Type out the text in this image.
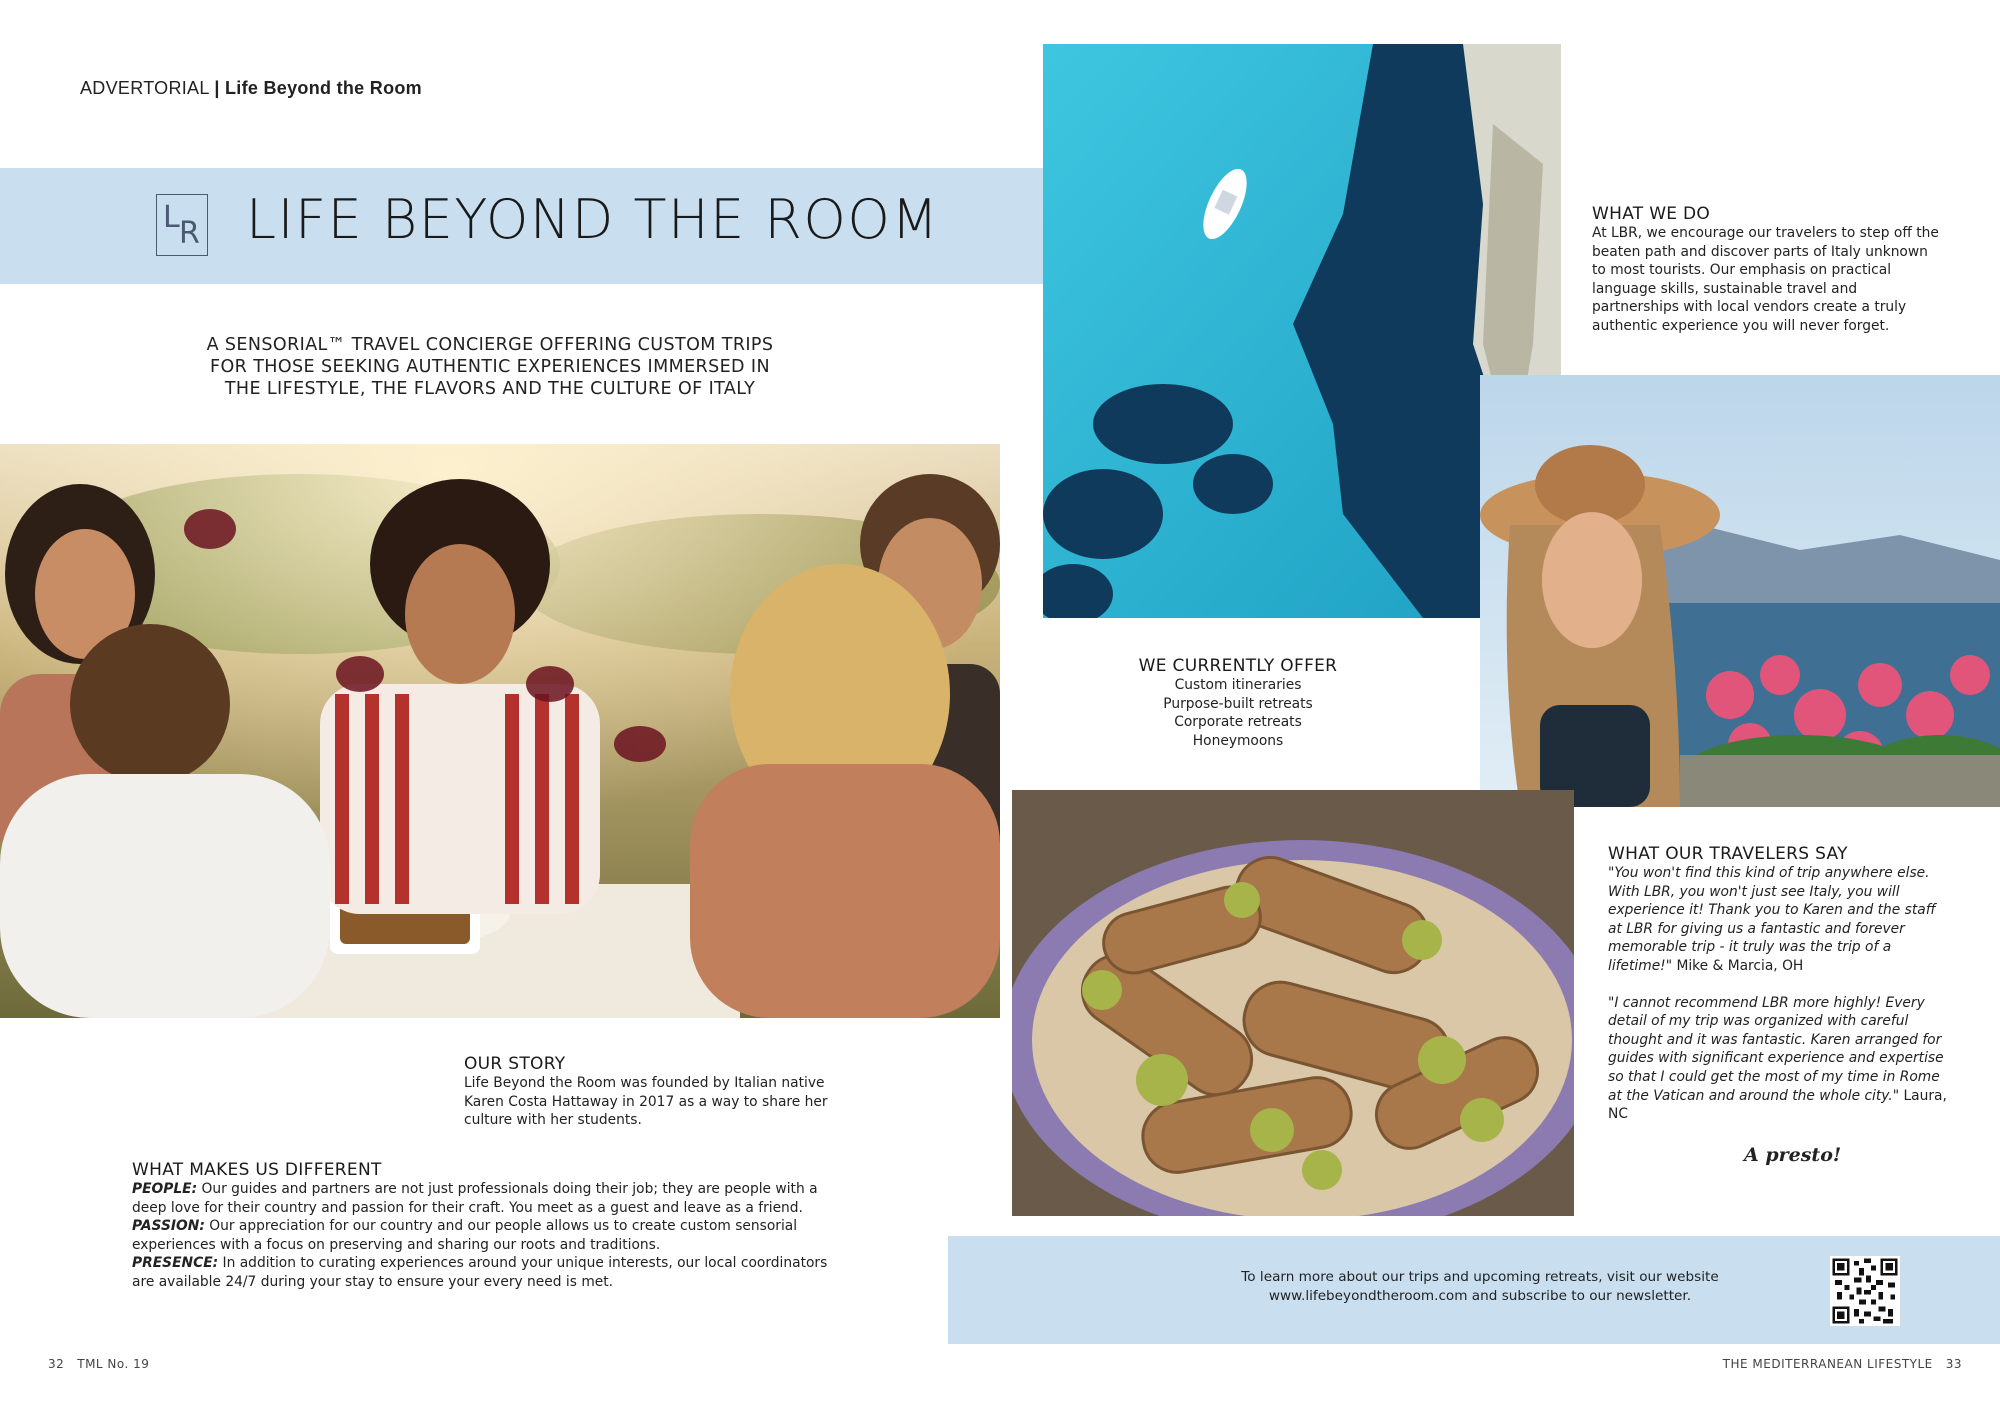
ADVERTORIAL | Life Beyond the Room
L R LIFE BEYOND THE ROOM
A SENSORIAL™ TRAVEL CONCIERGE OFFERING CUSTOM TRIPS
FOR THOSE SEEKING AUTHENTIC EXPERIENCES IMMERSED IN
THE LIFESTYLE, THE FLAVORS AND THE CULTURE OF ITALY
WHAT WE DO
At LBR, we encourage our travelers to step off the beaten path and discover parts of Italy unknown to most tourists. Our emphasis on practical language skills, sustainable travel and partnerships with local vendors create a truly authentic experience you will never forget.
WE CURRENTLY OFFER
Custom itineraries
Purpose-built retreats
Corporate retreats
Honeymoons
OUR STORY
Life Beyond the Room was founded by Italian native Karen Costa Hattaway in 2017 as a way to share her culture with her students.
WHAT MAKES US DIFFERENT
PEOPLE: Our guides and partners are not just professionals doing their job; they are people with a deep love for their country and passion for their craft. You meet as a guest and leave as a friend.
PASSION: Our appreciation for our country and our people allows us to create custom sensorial experiences with a focus on preserving and sharing our roots and traditions.
PRESENCE: In addition to curating experiences around your unique interests, our local coordinators are available 24/7 during your stay to ensure your every need is met.
WHAT OUR TRAVELERS SAY
"You won't find this kind of trip anywhere else. With LBR, you won't just see Italy, you will experience it! Thank you to Karen and the staff at LBR for giving us a fantastic and forever memorable trip - it truly was the trip of a lifetime!" Mike & Marcia, OH
"I cannot recommend LBR more highly! Every detail of my trip was organized with careful thought and it was fantastic. Karen arranged for guides with significant experience and expertise so that I could get the most of my time in Rome at the Vatican and around the whole city." Laura, NC
A presto!
To learn more about our trips and upcoming retreats, visit our website
www.lifebeyondtheroom.com and subscribe to our newsletter.
32 TML No. 19	THE MEDITERRANEAN LIFESTYLE 33
